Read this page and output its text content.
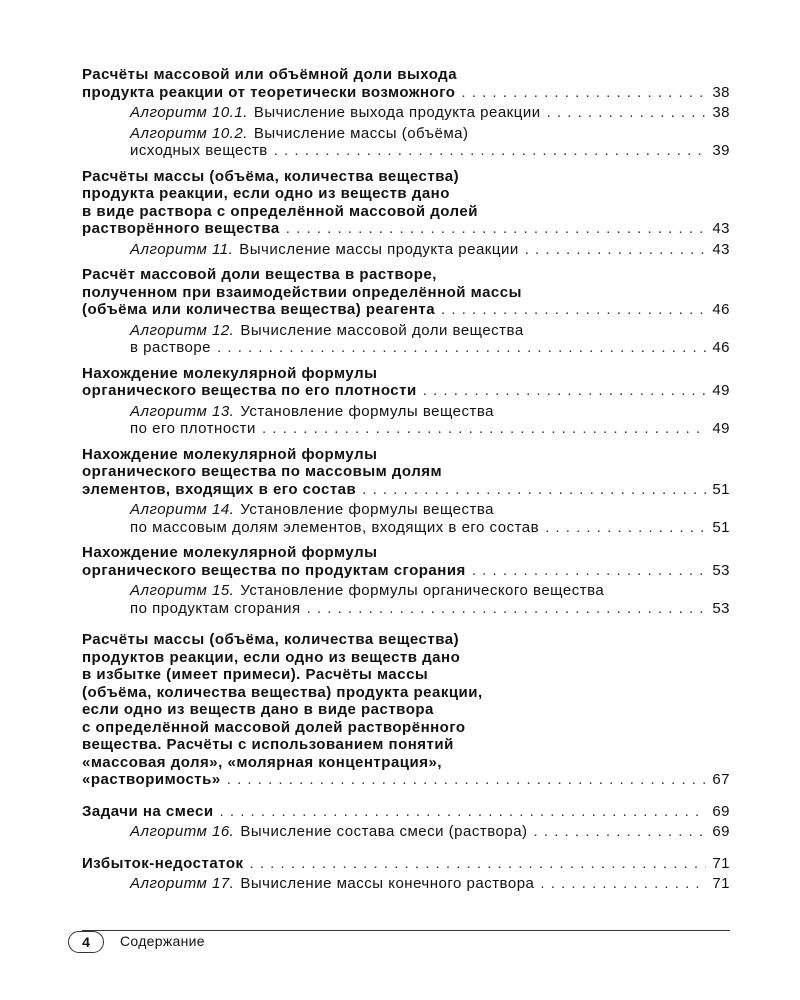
Расчёты массовой или объёмной доли выхода
продукта реакции от теоретически возможного . . .	38
Алгоритм 10.1. Вычисление выхода продукта реакции . . .	38
Алгоритм 10.2. Вычисление массы (объёма)
исходных веществ . . .	39
Расчёты массы (объёма, количества вещества)
продукта реакции, если одно из веществ дано
в виде раствора с определённой массовой долей
растворённого вещества . . .	43
Алгоритм 11. Вычисление массы продукта реакции . . .	43
Расчёт массовой доли вещества в растворе,
полученном при взаимодействии определённой массы
(объёма или количества вещества) реагента . . .	46
Алгоритм 12. Вычисление массовой доли вещества
в растворе . . .	46
Нахождение молекулярной формулы
органического вещества по его плотности . . .	49
Алгоритм 13. Установление формулы вещества
по его плотности . . .	49
Нахождение молекулярной формулы
органического вещества по массовым долям
элементов, входящих в его состав . . .	51
Алгоритм 14. Установление формулы вещества
по массовым долям элементов, входящих в его состав . . .	51
Нахождение молекулярной формулы
органического вещества по продуктам сгорания . . .	53
Алгоритм 15. Установление формулы органического вещества
по продуктам сгорания . . .	53
Расчёты массы (объёма, количества вещества)
продуктов реакции, если одно из веществ дано
в избытке (имеет примеси). Расчёты массы
(объёма, количества вещества) продукта реакции,
если одно из веществ дано в виде раствора
с определённой массовой долей растворённого
вещества. Расчёты с использованием понятий
«массовая доля», «молярная концентрация»,
«растворимость» . . .	67
Задачи на смеси . . .	69
Алгоритм 16. Вычисление состава смеси (раствора) . . .	69
Избыток-недостаток . . .	71
Алгоритм 17. Вычисление массы конечного раствора . . .	71
4	Содержание
